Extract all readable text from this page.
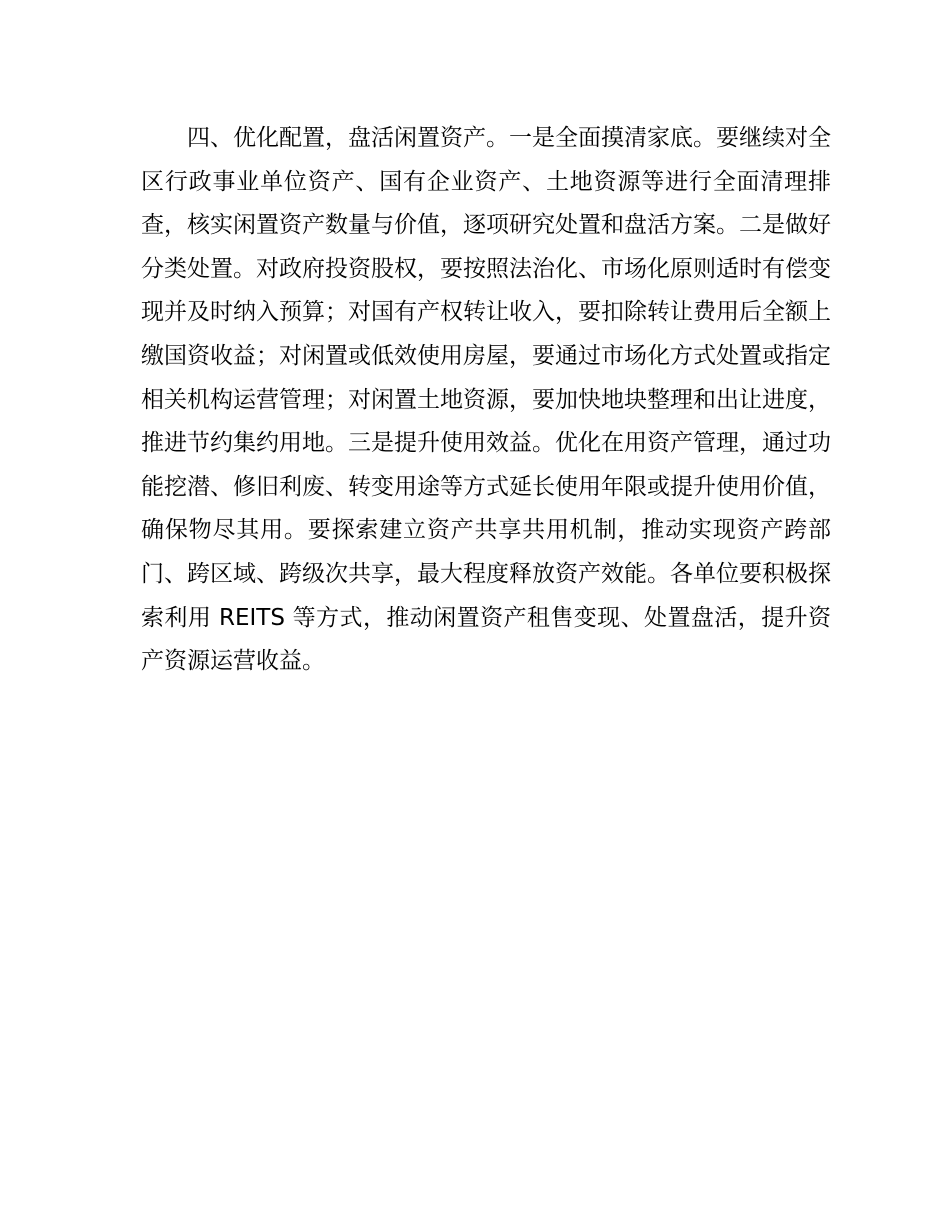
四、优化配置，盘活闲置资产。一是全面摸清家底。要继续对全区行政事业单位资产、国有企业资产、土地资源等进行全面清理排查，核实闲置资产数量与价值，逐项研究处置和盘活方案。二是做好分类处置。对政府投资股权，要按照法治化、市场化原则适时有偿变现并及时纳入预算；对国有产权转让收入，要扣除转让费用后全额上缴国资收益；对闲置或低效使用房屋，要通过市场化方式处置或指定相关机构运营管理；对闲置土地资源，要加快地块整理和出让进度，推进节约集约用地。三是提升使用效益。优化在用资产管理，通过功能挖潜、修旧利废、转变用途等方式延长使用年限或提升使用价值，确保物尽其用。要探索建立资产共享共用机制，推动实现资产跨部门、跨区域、跨级次共享，最大程度释放资产效能。各单位要积极探索利用 REITS 等方式，推动闲置资产租售变现、处置盘活，提升资产资源运营收益。
